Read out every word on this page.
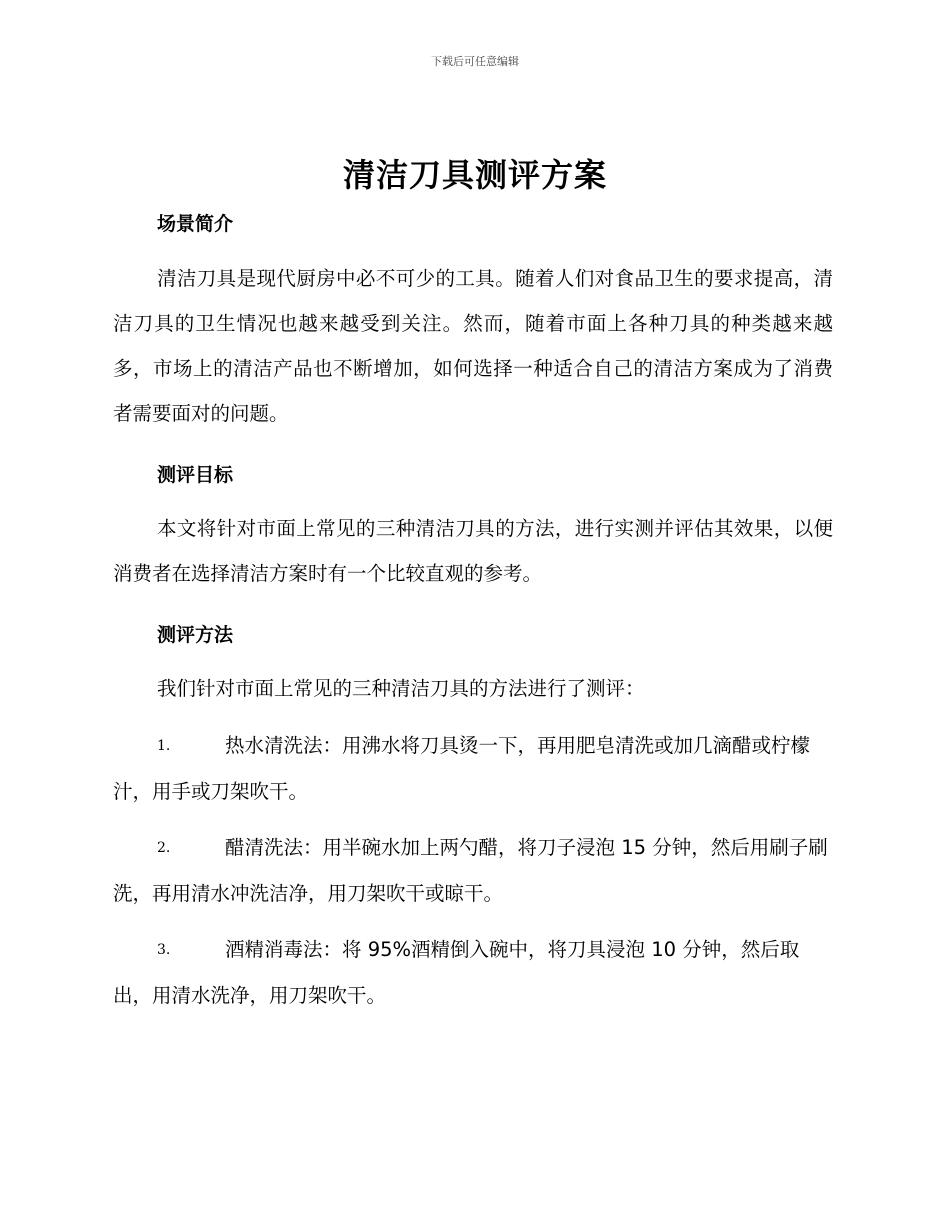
下载后可任意编辑
清洁刀具测评方案
场景简介

清洁刀具是现代厨房中必不可少的工具。随着人们对食品卫生的要求提高，清洁刀具的卫生情况也越来越受到关注。然而，随着市面上各种刀具的种类越来越多，市场上的清洁产品也不断增加，如何选择一种适合自己的清洁方案成为了消费者需要面对的问题。

测评目标

本文将针对市面上常见的三种清洁刀具的方法，进行实测并评估其效果，以便消费者在选择清洁方案时有一个比较直观的参考。

测评方法

我们针对市面上常见的三种清洁刀具的方法进行了测评：

1.	热水清洗法：用沸水将刀具烫一下，再用肥皂清洗或加几滴醋或柠檬汁，用手或刀架吹干。

2.	醋清洗法：用半碗水加上两勺醋，将刀子浸泡 15 分钟，然后用刷子刷洗，再用清水冲洗洁净，用刀架吹干或晾干。

3.	酒精消毒法：将 95%酒精倒入碗中，将刀具浸泡 10 分钟，然后取出，用清水洗净，用刀架吹干。
